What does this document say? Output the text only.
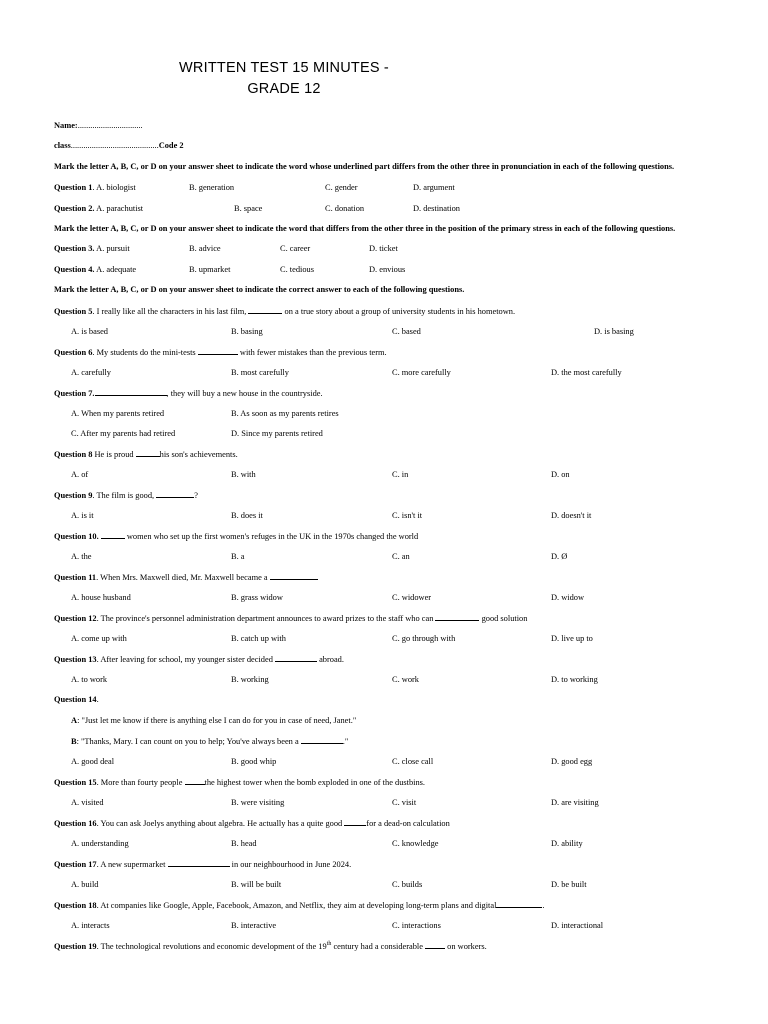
WRITTEN TEST 15 MINUTES -
GRADE 12
Name:...............................
class..........................................Code 2
Mark the letter A, B, C, or D on your answer sheet to indicate the word whose underlined part differs from the other three in pronunciation in each of the following questions.
Question 1. A. biologist	B. generation	C. gender	D. argument
Question 2. A. parachutist	B. space	C. donation	D. destination
Mark the letter A, B, C, or D on your answer sheet to indicate the word that differs from the other three in the position of the primary stress in each of the following questions.
Question 3. A. pursuit	B. advice	C. career	D. ticket
Question 4. A. adequate	B. upmarket	C. tedious	D. envious
Mark the letter A, B, C, or D on your answer sheet to indicate the correct answer to each of the following questions.
Question 5. I really like all the characters in his last film,	on a true story about a group of university students in his hometown.
A. is based	B. basing	C. based	D. is basing
Question 6. My students do the mini-tests	with fewer mistakes than the previous term.
A. carefully	B. most carefully	C. more carefully	D. the most carefully
Question 7.	, they will buy a new house in the countryside.
A. When my parents retired	B. As soon as my parents retires
C. After my parents had retired	D. Since my parents retired
Question 8 He is proud	his son's achievements.
A. of	B. with	C. in	D. on
Question 9. The film is good,	?
A. is it	B. does it	C. isn't it	D. doesn't it
Question 10.	women who set up the first women's refuges in the UK in the 1970s changed the world
A. the	B. a	C. an	D. Ø
Question 11. When Mrs. Maxwell died, Mr. Maxwell became a
A. house husband	B. grass widow	C. widower	D. widow
Question 12. The province's personnel administration department announces to award prizes to the staff who can	good solution
A. come up with	B. catch up with	C. go through with	D. live up to
Question 13. After leaving for school, my younger sister decided	abroad.
A. to work	B. working	C. work	D. to working
Question 14.
A: "Just let me know if there is anything else I can do for you in case of need, Janet."
B: "Thanks, Mary. I can count on you to help; You've always been a	."
A. good deal	B. good whip	C. close call	D. good egg
Question 15. More than fourty people	the highest tower when the bomb exploded in one of the dustbins.
A. visited	B. were visiting	C. visit	D. are visiting
Question 16. You can ask Joelys anything about algebra. He actually has a quite good	for a dead-on calculation
A. understanding	B. head	C. knowledge	D. ability
Question 17. A new supermarket	in our neighbourhood in June 2024.
A. build	B. will be built	C. builds	D. be built
Question 18. At companies like Google, Apple, Facebook, Amazon, and Netflix, they aim at developing long-term plans and digital	.
A. interacts	B. interactive	C. interactions	D. interactional
Question 19. The technological revolutions and economic development of the 19th century had a considerable	on workers.
